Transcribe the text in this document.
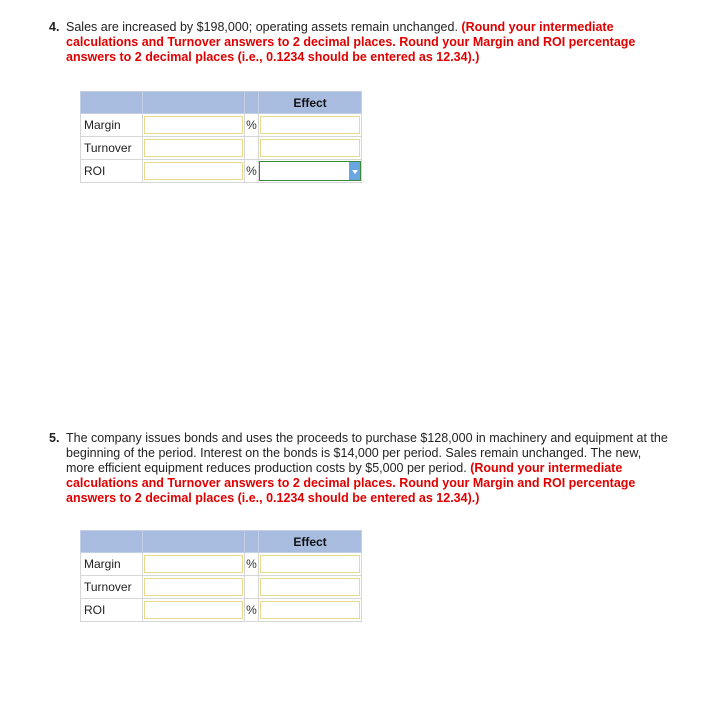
4. Sales are increased by $198,000; operating assets remain unchanged. (Round your intermediate calculations and Turnover answers to 2 decimal places. Round your Margin and ROI percentage answers to 2 decimal places (i.e., 0.1234 should be entered as 12.34).)
			Effect
Margin		%	

Turnover	

ROI		%	
5. The company issues bonds and uses the proceeds to purchase $128,000 in machinery and equipment at the beginning of the period. Interest on the bonds is $14,000 per period. Sales remain unchanged. The new, more efficient equipment reduces production costs by $5,000 per period. (Round your intermediate calculations and Turnover answers to 2 decimal places. Round your Margin and ROI percentage answers to 2 decimal places (i.e., 0.1234 should be entered as 12.34).)
			Effect
Margin		%	

Turnover	

ROI		%	
